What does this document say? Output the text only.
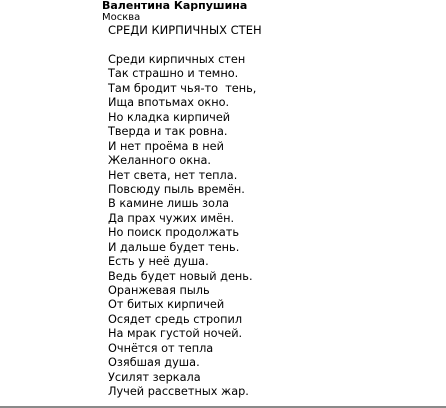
Валентина Карпушина
Москва
СРЕДИ КИРПИЧНЫХ СТЕН
Среди кирпичных стен
Так страшно и темно.
Там бродит чья-то  тень,
Ища впотьмах окно.
Но кладка кирпичей
Тверда и так ровна.
И нет проёма в ней
Желанного окна.
Нет света, нет тепла.
Повсюду пыль времён.
В камине лишь зола
Да прах чужих имён.
Но поиск продолжать
И дальше будет тень.
Есть у неё душа.
Ведь будет новый день.
Оранжевая пыль
От битых кирпичей
Осядет средь стропил
На мрак густой ночей.
Очнётся от тепла
Озябшая душа.
Усилят зеркала
Лучей рассветных жар.
